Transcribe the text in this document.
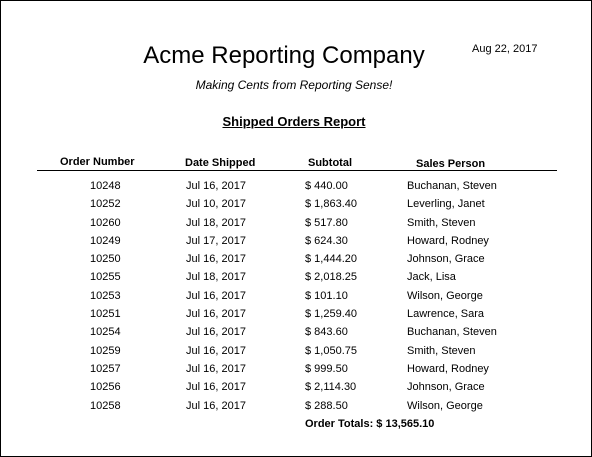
Acme Reporting Company	Aug 22, 2017
Making Cents from Reporting Sense!
Shipped Orders Report
Order Number	Date Shipped	Subtotal	Sales Person
10248	Jul 16, 2017	$ 440.00	Buchanan, Steven
10252	Jul 10, 2017	$ 1,863.40	Leverling, Janet
10260	Jul 18, 2017	$ 517.80	Smith, Steven
10249	Jul 17, 2017	$ 624.30	Howard, Rodney
10250	Jul 16, 2017	$ 1,444.20	Johnson, Grace
10255	Jul 18, 2017	$ 2,018.25	Jack, Lisa
10253	Jul 16, 2017	$ 101.10	Wilson, George
10251	Jul 16, 2017	$ 1,259.40	Lawrence, Sara
10254	Jul 16, 2017	$ 843.60	Buchanan, Steven
10259	Jul 16, 2017	$ 1,050.75	Smith, Steven
10257	Jul 16, 2017	$ 999.50	Howard, Rodney
10256	Jul 16, 2017	$ 2,114.30	Johnson, Grace
10258	Jul 16, 2017	$ 288.50	Wilson, George
Order Totals: $ 13,565.10
